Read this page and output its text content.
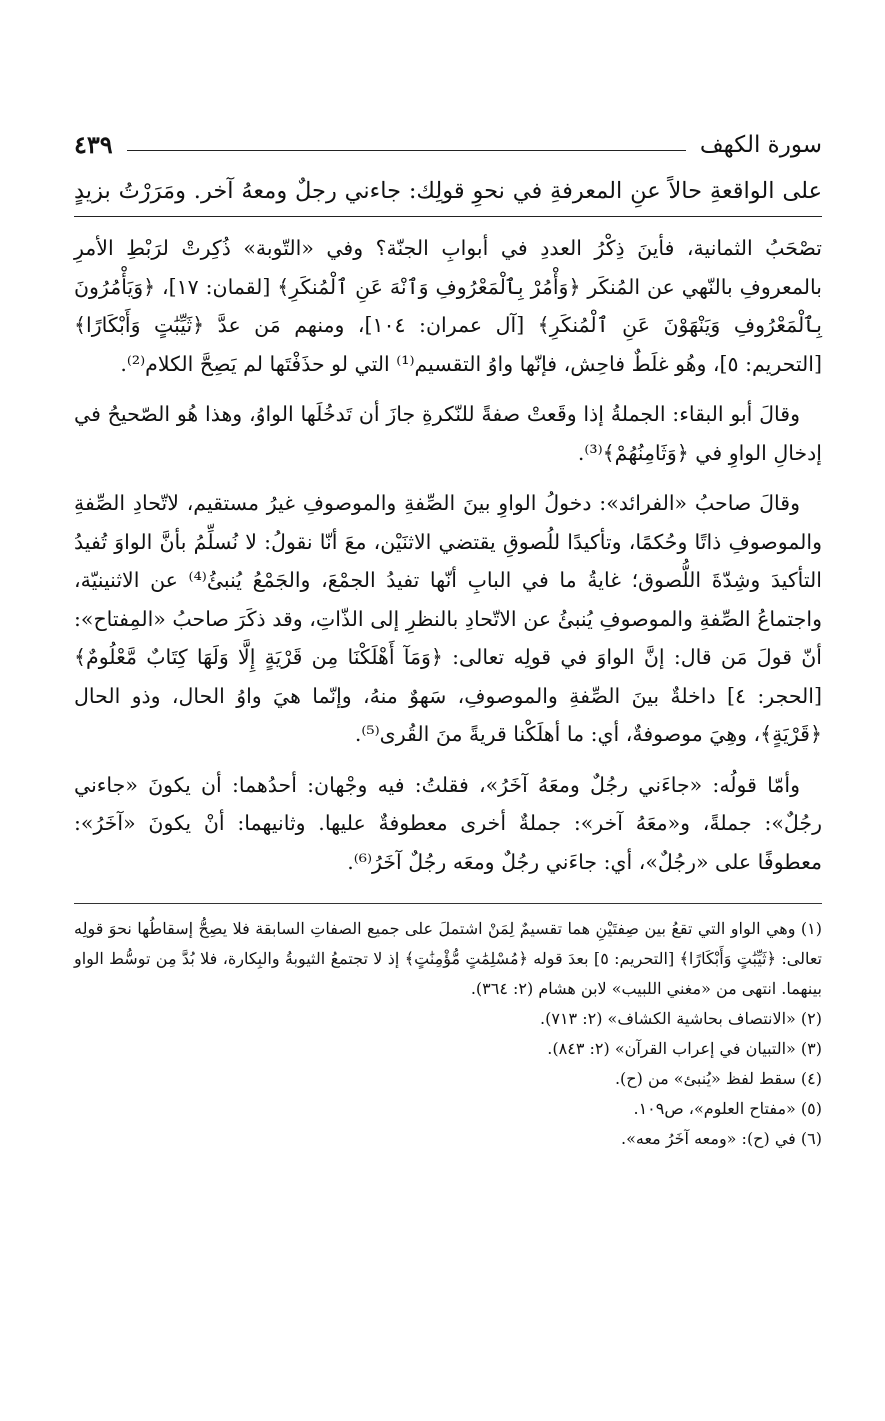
سورة الكهف
٤٣٩
على الواقعةِ حالاً عنِ المعرفةِ في نحوِ قولِك: جاءني رجلٌ ومعهُ آخر. ومَرَرْتُ بزيدٍ

تصْحَبُ الثمانية، فأينَ ذِكْرُ العددِ في أبوابِ الجنّة؟ وفي «التّوبة» ذُكِرتْ لرَبْطِ الأمرِ بالمعروفِ بالنّهي عن المُنكَر ﴿وَأْمُرْ بِٱلْمَعْرُوفِ وَٱنْهَ عَنِ ٱلْمُنكَرِ﴾ [لقمان: ١٧]، ﴿وَيَأْمُرُونَ بِٱلْمَعْرُوفِ وَيَنْهَوْنَ عَنِ ٱلْمُنكَرِ﴾ [آل عمران: ١٠٤]، ومنهم مَن عدَّ ﴿ثَيِّبَٰتٍ وَأَبْكَارًا﴾ [التحريم: ٥]، وهُو غلَطٌ فاحِش، فإنّها واوُ التقسيم⁽¹⁾ التي لو حذَفْتَها لم يَصِحَّ الكلام⁽²⁾.

وقالَ أبو البقاء: الجملةُ إذا وقَعتْ صفةً للنّكرةِ جازَ أن تَدخُلَها الواوُ، وهذا هُو الصّحيحُ في إدخالِ الواوِ في ﴿وَثَامِنُهُمْ﴾⁽³⁾.

وقالَ صاحبُ «الفرائد»: دخولُ الواوِ بينَ الصِّفةِ والموصوفِ غيرُ مستقيم، لاتّحادِ الصِّفةِ والموصوفِ ذاتًا وحُكمًا، وتأكيدًا للُصوقِ يقتضي الاثنَيْن، معَ أنّا نقولُ: لا نُسلِّمُ بأنَّ الواوَ تُفيدُ التأكيدَ وشِدّةَ اللُّصوق؛ غايةُ ما في البابِ أنّها تفيدُ الجمْعَ، والجَمْعُ يُنبئُ⁽⁴⁾ عن الاثنينيّة، واجتماعُ الصِّفةِ والموصوفِ يُنبئُ عن الاتّحادِ بالنظرِ إلى الذّاتِ، وقد ذكَرَ صاحبُ «المِفتاح»: أنّ قولَ مَن قال: إنَّ الواوَ في قولِه تعالى: ﴿وَمَآ أَهْلَكْنَا مِن قَرْيَةٍ إِلَّا وَلَهَا كِتَابٌ مَّعْلُومٌ﴾ [الحجر: ٤] داخلةٌ بينَ الصِّفةِ والموصوفِ، سَهوٌ منهُ، وإنّما هيَ واوُ الحال، وذو الحال ﴿قَرْيَةٍ﴾، وهِيَ موصوفةٌ، أي: ما أهلَكْنا قريةً منَ القُرى⁽⁵⁾.

وأمّا قولُه: «جاءَني رجُلٌ ومعَهُ آخَرُ»، فقلتُ: فيه وجْهان: أحدُهما: أن يكونَ «جاءني رجُلٌ»: جملةً، و«معَهُ آخر»: جملةٌ أخرى معطوفةٌ عليها. وثانيهما: أنْ يكونَ «آخَرُ»: معطوفًا على «رجُلٌ»، أي: جاءَني رجُلٌ ومعَه رجُلٌ آخَرُ⁽⁶⁾.

(١) وهي الواو التي تقعُ بين صِفتَيْنِ هما تقسيمٌ لِمَنْ اشتملَ على جميع الصفاتِ السابقة فلا يصِحُّ إسقاطُها نحوَ قولِه تعالى: ﴿ثَيِّبَٰتٍ وَأَبْكَارًا﴾ [التحريم: ٥] بعدَ قوله ﴿مُسْلِمَٰتٍ مُّؤْمِنَٰتٍ﴾ إذ لا تجتمعُ الثيوبةُ والبِكارة، فلا بُدَّ مِن توسُّط الواو بينهما. انتهى من «مغني اللبيب» لابن هشام (٢: ٣٦٤).

(٢) «الانتصاف بحاشية الكشاف» (٢: ٧١٣).

(٣) «التبيان في إعراب القرآن» (٢: ٨٤٣).

(٤) سقط لفظ «يُنبئ» من (ح).

(٥) «مفتاح العلوم»، ص١٠٩.

(٦) في (ح): «ومعه آخَرُ معه».
